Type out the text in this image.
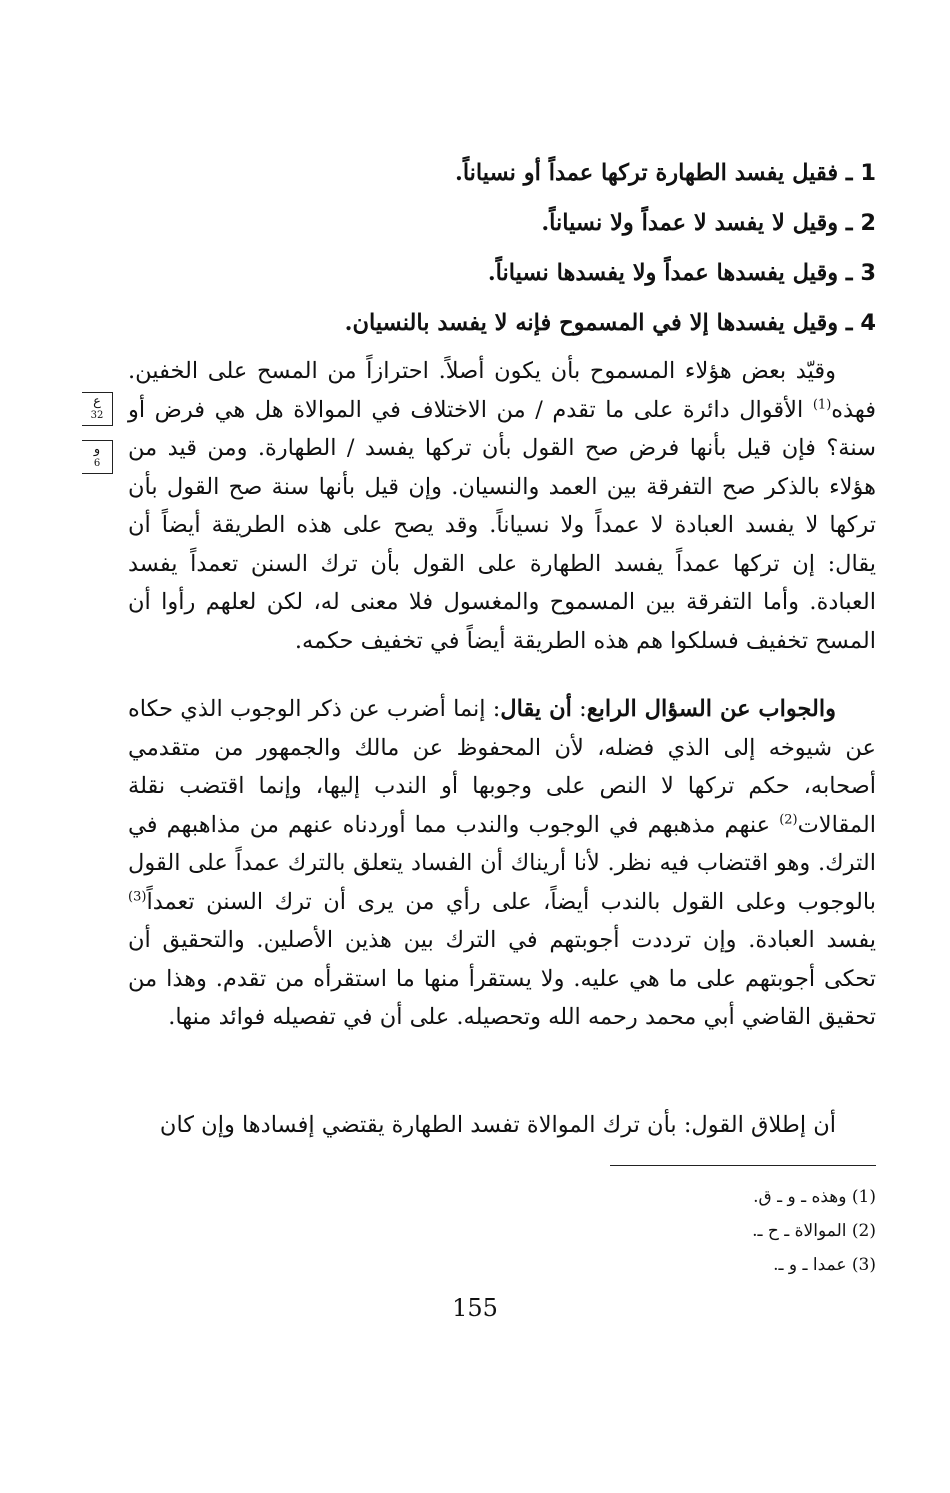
1 ـ فقيل يفسد الطهارة تركها عمداً أو نسياناً.

2 ـ وقيل لا يفسد لا عمداً ولا نسياناً.

3 ـ وقيل يفسدها عمداً ولا يفسدها نسياناً.

4 ـ وقيل يفسدها إلا في المسموح فإنه لا يفسد بالنسيان.

وقيّد بعض هؤلاء المسموح بأن يكون أصلاً. احترازاً من المسح على الخفين. فهذه$^{(1)}$ الأقوال دائرة على ما تقدم / من الاختلاف في الموالاة هل هي فرض أو سنة؟ فإن قيل بأنها فرض صح القول بأن تركها يفسد / الطهارة. ومن قيد من هؤلاء بالذكر صح التفرقة بين العمد والنسيان. وإن قيل بأنها سنة صح القول بأن تركها لا يفسد العبادة لا عمداً ولا نسياناً. وقد يصح على هذه الطريقة أيضاً أن يقال: إن تركها عمداً يفسد الطهارة على القول بأن ترك السنن تعمداً يفسد العبادة. وأما التفرقة بين المسموح والمغسول فلا معنى له، لكن لعلهم رأوا أن المسح تخفيف فسلكوا هم هذه الطريقة أيضاً في تخفيف حكمه.

ع
32
و
6

والجواب عن السؤال الرابع: أن يقال: إنما أضرب عن ذكر الوجوب الذي حكاه عن شيوخه إلى الذي فضله، لأن المحفوظ عن مالك والجمهور من متقدمي أصحابه، حكم تركها لا النص على وجوبها أو الندب إليها، وإنما اقتضب نقلة المقالات$^{(2)}$ عنهم مذهبهم في الوجوب والندب مما أوردناه عنهم من مذاهبهم في الترك. وهو اقتضاب فيه نظر. لأنا أريناك أن الفساد يتعلق بالترك عمداً على القول بالوجوب وعلى القول بالندب أيضاً، على رأي من يرى أن ترك السنن تعمداً$^{(3)}$ يفسد العبادة. وإن ترددت أجوبتهم في الترك بين هذين الأصلين. والتحقيق أن تحكى أجوبتهم على ما هي عليه. ولا يستقرأ منها ما استقرأه من تقدم. وهذا من تحقيق القاضي أبي محمد رحمه الله وتحصيله. على أن في تفصيله فوائد منها.

أن إطلاق القول: بأن ترك الموالاة تفسد الطهارة يقتضي إفسادها وإن كان

(1) وهذه ـ و ـ ق.

(2) الموالاة ـ ح ـ.

(3) عمدا ـ و ـ.

155
